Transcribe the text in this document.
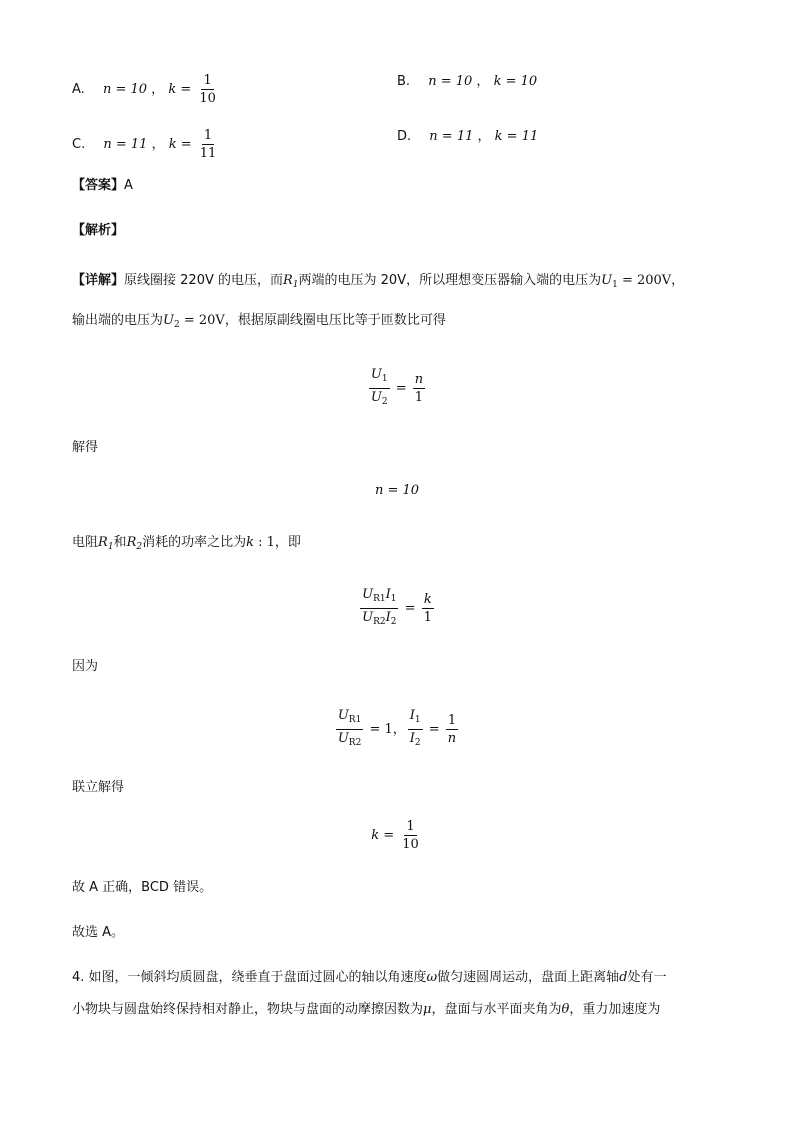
A. n = 10 ， $k = \frac{1}{10}$	B. n = 10 ， k = 10
C. n = 11 ， $k = \frac{1}{11}$	D. n = 11 ， k = 11
【答案】A
【解析】
【详解】原线圈接 220V 的电压，而$R_1$两端的电压为 20V，所以理想变压器输入端的电压为$U_1 = 200V$，
输出端的电压为$U_2 = 20V$，根据原副线圈电压比等于匝数比可得
$\frac{U_1}{U_2} = \frac{n}{1}$
解得
n = 10
电阻$R_1$和$R_2$消耗的功率之比为k : 1，即
$\frac{U_{R1}I_1}{U_{R2}I_2} = \frac{k}{1}$
因为
$\frac{U_{R1}}{U_{R2}} = 1$， $\frac{I_1}{I_2} = \frac{1}{n}$
联立解得
$k = \frac{1}{10}$
故 A 正确，BCD 错误。
故选 A。
4. 如图，一倾斜均质圆盘，绕垂直于盘面过圆心的轴以角速度ω做匀速圆周运动，盘面上距离轴d处有一
小物块与圆盘始终保持相对静止，物块与盘面的动摩擦因数为μ，盘面与水平面夹角为θ，重力加速度为
